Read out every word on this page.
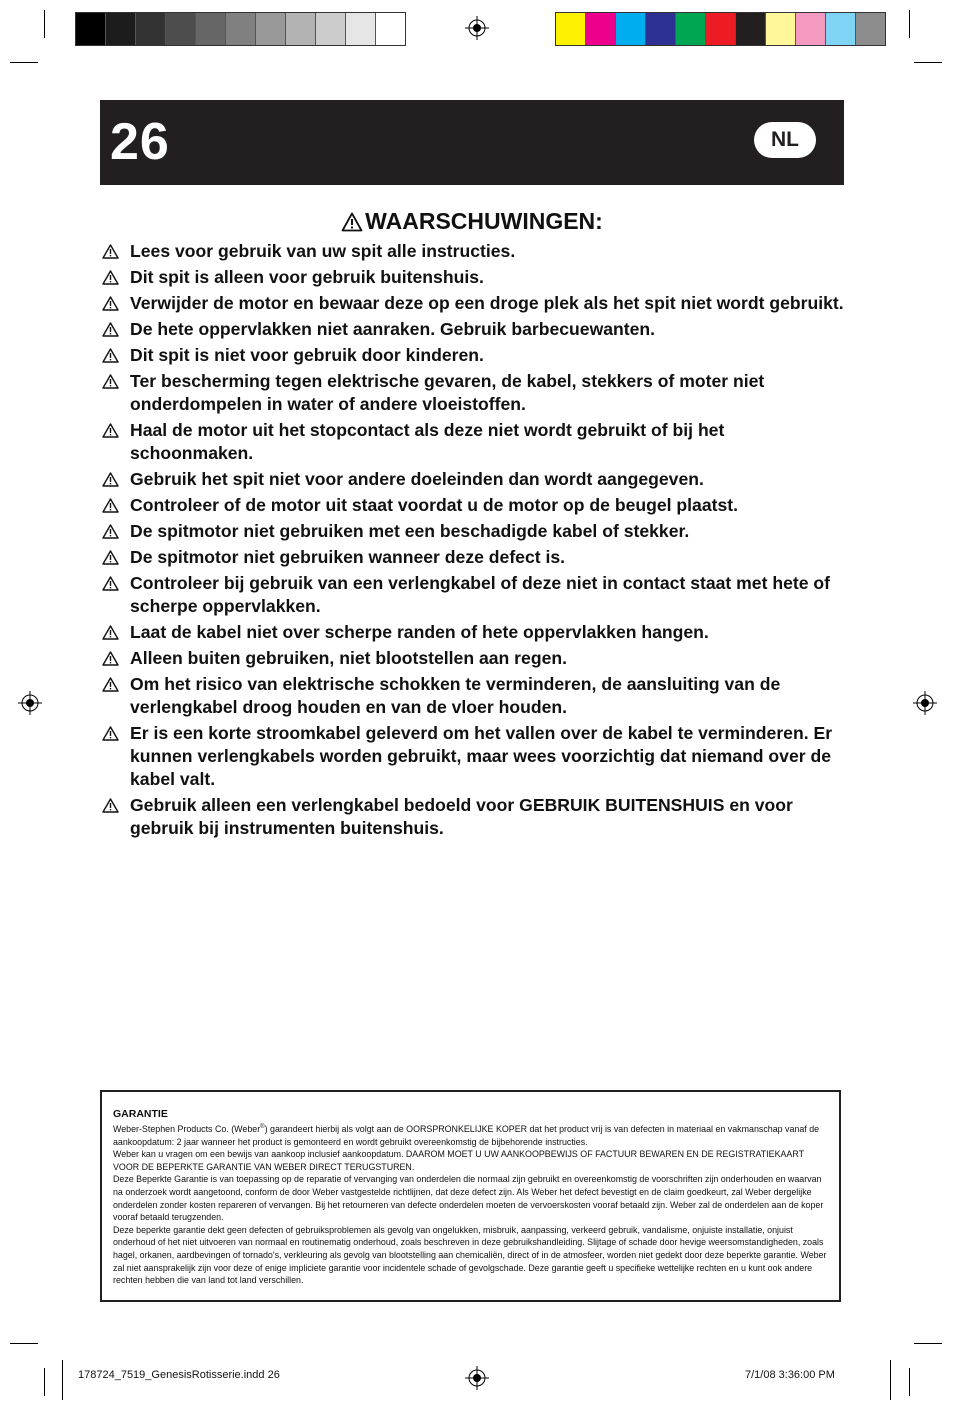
26	NL
WAARSCHUWINGEN:
Lees voor gebruik van uw spit alle instructies.
Dit spit is alleen voor gebruik buitenshuis.
Verwijder de motor en bewaar deze op een droge plek als het spit niet wordt gebruikt.
De hete oppervlakken niet aanraken. Gebruik barbecuewanten.
Dit spit is niet voor gebruik door kinderen.
Ter bescherming tegen elektrische gevaren, de kabel, stekkers of moter niet onderdompelen in water of andere vloeistoffen.
Haal de motor uit het stopcontact als deze niet wordt gebruikt of bij het schoonmaken.
Gebruik het spit niet voor andere doeleinden dan wordt aangegeven.
Controleer of de motor uit staat voordat u de motor op de beugel plaatst.
De spitmotor niet gebruiken met een beschadigde kabel of stekker.
De spitmotor niet gebruiken wanneer deze defect is.
Controleer bij gebruik van een verlengkabel of deze niet in contact staat met hete of scherpe oppervlakken.
Laat de kabel niet over scherpe randen of hete oppervlakken hangen.
Alleen buiten gebruiken, niet blootstellen aan regen.
Om het risico van elektrische schokken te verminderen, de aansluiting van de verlengkabel droog houden en van de vloer houden.
Er is een korte stroomkabel geleverd om het vallen over de kabel te verminderen. Er kunnen verlengkabels worden gebruikt, maar wees voorzichtig dat niemand over de kabel valt.
Gebruik alleen een verlengkabel bedoeld voor GEBRUIK BUITENSHUIS en voor gebruik bij instrumenten buitenshuis.
GARANTIE

Weber-Stephen Products Co. (Weber®) garandeert hierbij als volgt aan de OORSPRONKELIJKE KOPER dat het product vrij is van defecten in materiaal en vakmanschap vanaf de aankoopdatum: 2 jaar wanneer het product is gemonteerd en wordt gebruikt overeenkomstig de bijbehorende instructies.

Weber kan u vragen om een bewijs van aankoop inclusief aankoopdatum. DAAROM MOET U UW AANKOOPBEWIJS OF FACTUUR BEWAREN EN DE REGISTRATIEKAART VOOR DE BEPERKTE GARANTIE VAN WEBER DIRECT TERUGSTUREN.

Deze Beperkte Garantie is van toepassing op de reparatie of vervanging van onderdelen die normaal zijn gebruikt en overeenkomstig de voorschriften zijn onderhouden en waarvan na onderzoek wordt aangetoond, conform de door Weber vastgestelde richtlijnen, dat deze defect zijn. Als Weber het defect bevestigt en de claim goedkeurt, zal Weber dergelijke onderdelen zonder kosten repareren of vervangen. Bij het retourneren van defecte onderdelen moeten de vervoerskosten vooraf betaald zijn. Weber zal de onderdelen aan de koper vooraf betaald terugzenden.

Deze beperkte garantie dekt geen defecten of gebruiksproblemen als gevolg van ongelukken, misbruik, aanpassing, verkeerd gebruik, vandalisme, onjuiste installatie, onjuist onderhoud of het niet uitvoeren van normaal en routinematig onderhoud, zoals beschreven in deze gebruikshandleiding. Slijtage of schade door hevige weersomstandigheden, zoals hagel, orkanen, aardbevingen of tornado's, verkleuring als gevolg van blootstelling aan chemicaliën, direct of in de atmosfeer, worden niet gedekt door deze beperkte garantie. Weber zal niet aansprakelijk zijn voor deze of enige impliciete garantie voor incidentele schade of gevolgschade. Deze garantie geeft u specifieke wettelijke rechten en u kunt ook andere rechten hebben die van land tot land verschillen.

178724_7519_GenesisRotisserie.indd 26	7/1/08 3:36:00 PM
